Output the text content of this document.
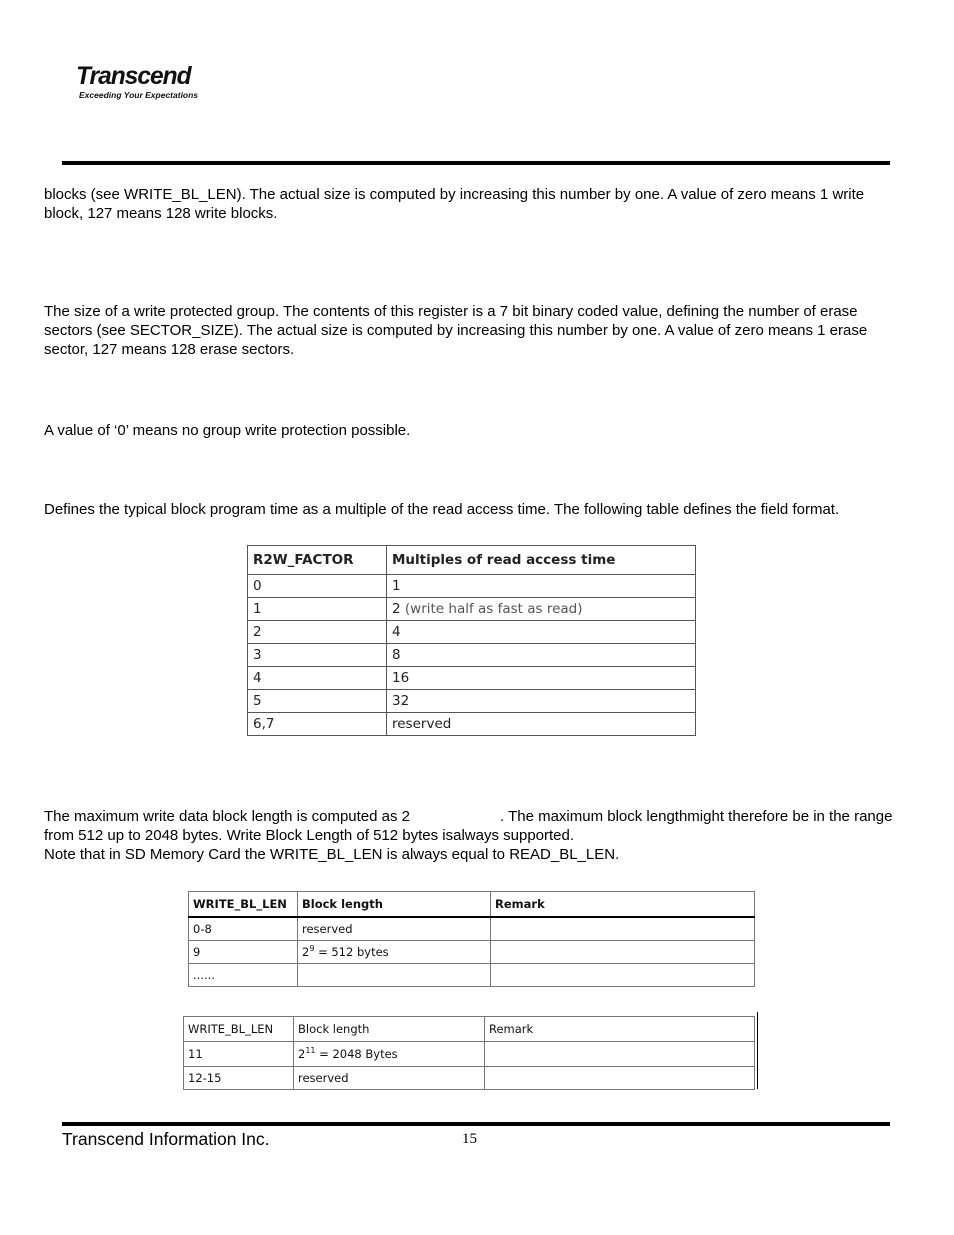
Transcend
Exceeding Your Expectations

blocks (see WRITE_BL_LEN). The actual size is computed by increasing this number by one. A value of zero means 1 write block, 127 means 128 write blocks.

The size of a write protected group. The contents of this register is a 7 bit binary coded value, defining the number of erase sectors (see SECTOR_SIZE). The actual size is computed by increasing this number by one. A value of zero means 1 erase sector, 127 means 128 erase sectors.

A value of ‘0’ means no group write protection possible.

Defines the typical block program time as a multiple of the read access time. The following table defines the field format.

R2W_FACTOR	Multiples of read access time
0	1
1	2 (write half as fast as read)
2	4
3	8
4	16
5	32
6,7	reserved

The maximum write data block length is computed as 2	. The maximum block lengthmight therefore be in the range from 512 up to 2048 bytes. Write Block Length of 512 bytes isalways supported.
Note that in SD Memory Card the WRITE_BL_LEN is always equal to READ_BL_LEN.

WRITE_BL_LEN	Block length	Remark
0-8	reserved	
9	$2^9 = 512$ bytes	
......		
WRITE_BL_LEN	Block length	Remark
11	$2^{11} = 2048$ Bytes	
12-15	reserved	
Transcend Information Inc.	15
